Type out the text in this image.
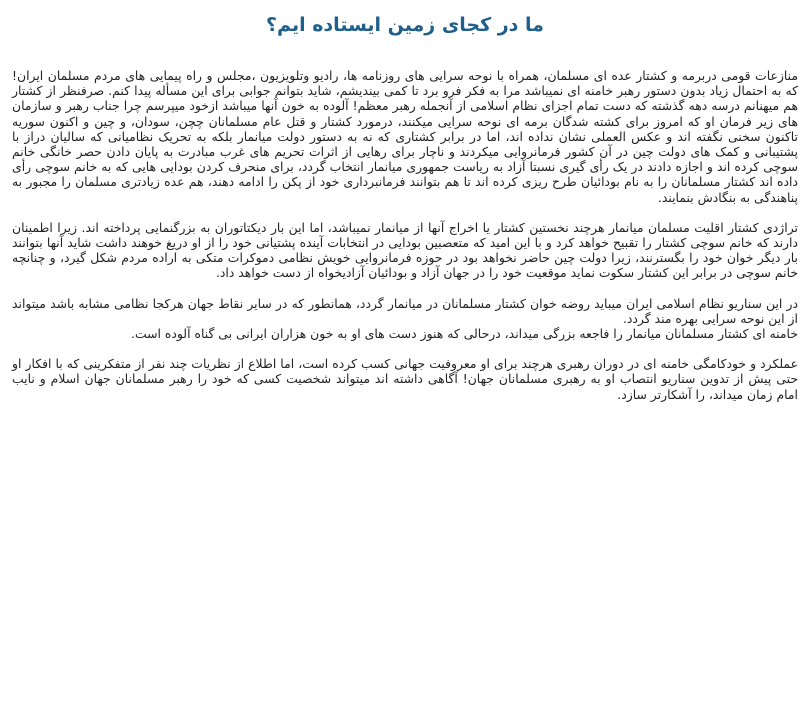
ما در کجای زمین ایستاده ایم؟

منازعات قومی دربرمه و کشتار عده ای مسلمان، همراه با نوحه سرایی های روزنامه ها، رادیو وتلویزیون ،مجلس و راه پیمایی های مردم مسلمان ایران! که به احتمال زیاد بدون دستور رهبر خامنه ای نمیباشد مرا به فکر فرو برد تا کمی بیندیشم، شاید بتوانم جوابی برای این مسأله پیدا کنم. صرفنظر از کشتار هم میهنانم درسه دهه گذشته که دست تمام اجزای نظام اسلامی از آنجمله رهبر معظم! آلوده به خون آنها میباشد ازخود میپرسم چرا جناب رهبر و سازمان های زیر فرمان او که امروز برای کشته شدگان برمه ای نوحه سرایی میکنند، درمورد کشتار و قتل عام مسلمانان چچن، سودان، و چین و اکنون سوریه تاکنون سخنی نگفته اند و عکس العملی نشان نداده اند، اما در برابر کشتاری که نه به دستور دولت میانمار بلکه به تحریک نظامیانی که سالیان دراز با پشتیبانی و کمک های دولت چین در آن کشور فرمانروایی میکردند و ناچار برای رهایی از اثرات تحریم های غرب مبادرت به پایان دادن حصر خانگی خانم سوچی کرده اند و اجازه دادند در یک رأی گیری نسبتا آزاد به ریاست جمهوری میانمار انتخاب گردد، برای منحرف کردن بودایی هایی که به خانم سوچی رأی داده اند کشتار مسلمانان را به نام بودائیان طرح ریزی کرده اند تا هم بتوانند فرمانبرداری خود از پکن را ادامه دهند، هم عده زیادتری مسلمان را مجبور به پناهندگی به بنگادش بنمایند.

تراژدی کشتار اقلیت مسلمان میانمار هرچند نخستین کشتار یا اخراج آنها از میانمار نمیباشد، اما این بار دیکتاتوران به بزرگنمایی پرداخته اند. زیرا اطمینان دارند که خانم سوچی کشتار را تقبیح خواهد کرد و با این امید که متعصبین بودایی در انتخابات آینده پشتیانی خود را از او دریغ خوهند داشت شاید آنها بتوانند بار دیگر خوان خود را بگسترنند، زیرا دولت چین حاضر نخواهد بود در حوزه فرمانروایی خویش نظامی دموکرات متکی به اراده مردم شکل گیرد، و چنانچه خانم سوچی در برابر این کشتار سکوت نماید موقعیت خود را در جهان آزاد و بودائیان آزادیخواه از دست خواهد داد.

در این سناریو نظام اسلامی ایران میباید روضه خوان کشتار مسلمانان در میانمار گردد، همانطور که در سایر نقاط جهان هرکجا نظامی مشابه باشد میتواند از این نوحه سرایی بهره مند گردد.

خامنه ای کشتار مسلمانان میانمار را فاجعه بزرگی میداند، درحالی که هنوز دست های او به خون هزاران ایرانی بی گناه آلوده است.

عملکرد و خودکامگی خامنه ای در دوران رهبری هرچند برای او معروفیت جهانی کسب کرده است، اما اطلاع از نظریات چند نفر از متفکرینی که با افکار او حتی پیش از تدوین سناریو انتصاب او به رهبری مسلمانان جهان! آگاهی داشته اند میتواند شخصیت کسی که خود را رهبر مسلمانان جهان اسلام و نایب امام زمان میداند، را آشکارتر سازد.
